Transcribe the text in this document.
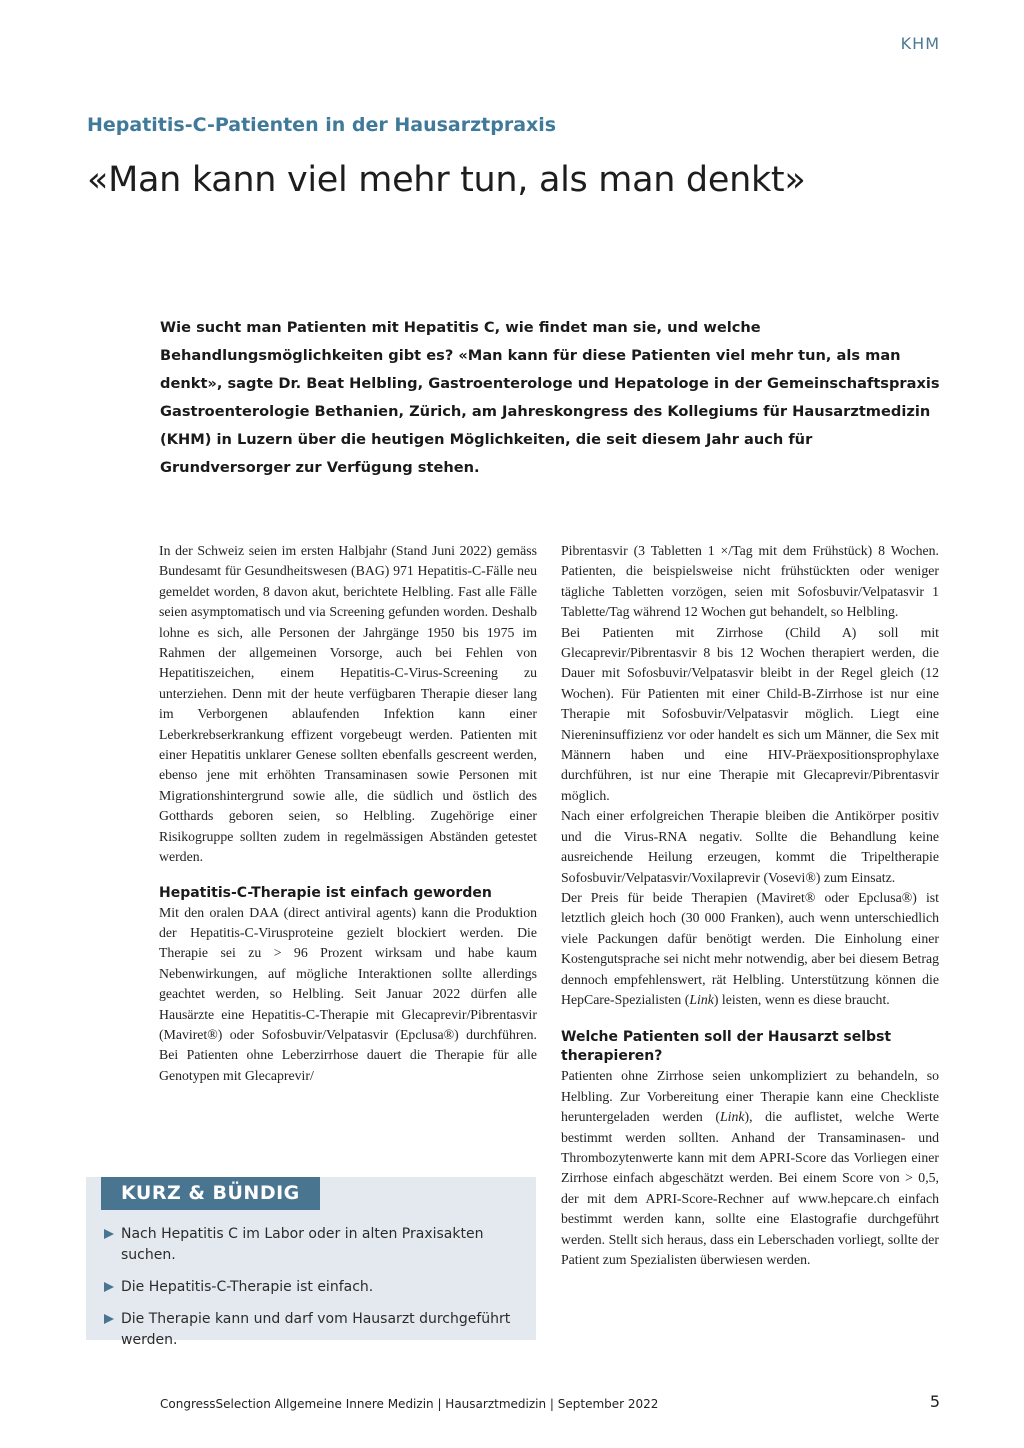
KHM
Hepatitis-C-Patienten in der Hausarztpraxis
«Man kann viel mehr tun, als man denkt»
Wie sucht man Patienten mit Hepatitis C, wie findet man sie, und welche Behandlungsmöglichkeiten gibt es? «Man kann für diese Patienten viel mehr tun, als man denkt», sagte Dr. Beat Helbling, Gastroenterologe und Hepatologe in der Gemeinschaftspraxis Gastroenterologie Bethanien, Zürich, am Jahreskongress des Kollegiums für Hausarztmedizin (KHM) in Luzern über die heutigen Möglichkeiten, die seit diesem Jahr auch für Grundversorger zur Verfügung stehen.

In der Schweiz seien im ersten Halbjahr (Stand Juni 2022) gemäss Bundesamt für Gesundheitswesen (BAG) 971 Hepatitis-C-Fälle neu gemeldet worden, 8 davon akut, berichtete Helbling. Fast alle Fälle seien asymptomatisch und via Screening gefunden worden. Deshalb lohne es sich, alle Personen der Jahrgänge 1950 bis 1975 im Rahmen der allgemeinen Vorsorge, auch bei Fehlen von Hepatitiszeichen, einem Hepatitis-C-Virus-Screening zu unterziehen. Denn mit der heute verfügbaren Therapie dieser lang im Verborgenen ablaufenden Infektion kann einer Leberkrebserkrankung effizent vorgebeugt werden. Patienten mit einer Hepatitis unklarer Genese sollten ebenfalls gescreent werden, ebenso jene mit erhöhten Transaminasen sowie Personen mit Migrationshintergrund sowie alle, die südlich und östlich des Gotthards geboren seien, so Helbling. Zugehörige einer Risikogruppe sollten zudem in regelmässigen Abständen getestet werden.

Hepatitis-C-Therapie ist einfach geworden

Mit den oralen DAA (direct antiviral agents) kann die Produktion der Hepatitis-C-Virusproteine gezielt blockiert werden. Die Therapie sei zu > 96 Prozent wirksam und habe kaum Nebenwirkungen, auf mögliche Interaktionen sollte allerdings geachtet werden, so Helbling. Seit Januar 2022 dürfen alle Hausärzte eine Hepatitis-C-Therapie mit Glecaprevir/Pibrentasvir (Maviret®) oder Sofosbuvir/Velpatasvir (Epclusa®) durchführen. Bei Patienten ohne Leberzirrhose dauert die Therapie für alle Genotypen mit Glecaprevir/

Pibrentasvir (3 Tabletten 1 ×/Tag mit dem Frühstück) 8 Wochen. Patienten, die beispielsweise nicht frühstückten oder weniger tägliche Tabletten vorzögen, seien mit Sofosbuvir/Velpatasvir 1 Tablette/Tag während 12 Wochen gut behandelt, so Helbling.

Bei Patienten mit Zirrhose (Child A) soll mit Glecaprevir/Pibrentasvir 8 bis 12 Wochen therapiert werden, die Dauer mit Sofosbuvir/Velpatasvir bleibt in der Regel gleich (12 Wochen). Für Patienten mit einer Child-B-Zirrhose ist nur eine Therapie mit Sofosbuvir/Velpatasvir möglich. Liegt eine Niereninsuffizienz vor oder handelt es sich um Männer, die Sex mit Männern haben und eine HIV-Präexpositionsprophylaxe durchführen, ist nur eine Therapie mit Glecaprevir/Pibrentasvir möglich.

Nach einer erfolgreichen Therapie bleiben die Antikörper positiv und die Virus-RNA negativ. Sollte die Behandlung keine ausreichende Heilung erzeugen, kommt die Tripeltherapie Sofosbuvir/Velpatasvir/Voxilaprevir (Vosevi®) zum Einsatz.

Der Preis für beide Therapien (Maviret® oder Epclusa®) ist letztlich gleich hoch (30 000 Franken), auch wenn unterschiedlich viele Packungen dafür benötigt werden. Die Einholung einer Kostengutsprache sei nicht mehr notwendig, aber bei diesem Betrag dennoch empfehlenswert, rät Helbling. Unterstützung können die HepCare-Spezialisten (Link) leisten, wenn es diese braucht.

Welche Patienten soll der Hausarzt selbst therapieren?

Patienten ohne Zirrhose seien unkompliziert zu behandeln, so Helbling. Zur Vorbereitung einer Therapie kann eine Checkliste heruntergeladen werden (Link), die auflistet, welche Werte bestimmt werden sollten. Anhand der Transaminasen- und Thrombozytenwerte kann mit dem APRI-Score das Vorliegen einer Zirrhose einfach abgeschätzt werden. Bei einem Score von > 0,5, der mit dem APRI-Score-Rechner auf www.hepcare.ch einfach bestimmt werden kann, sollte eine Elastografie durchgeführt werden. Stellt sich heraus, dass ein Leberschaden vorliegt, sollte der Patient zum Spezialisten überwiesen werden.

KURZ & BÜNDIG
Nach Hepatitis C im Labor oder in alten Praxisakten suchen.
Die Hepatitis-C-Therapie ist einfach.
Die Therapie kann und darf vom Hausarzt durchgeführt werden.
CongressSelection Allgemeine Innere Medizin | Hausarztmedizin | September 2022	5
